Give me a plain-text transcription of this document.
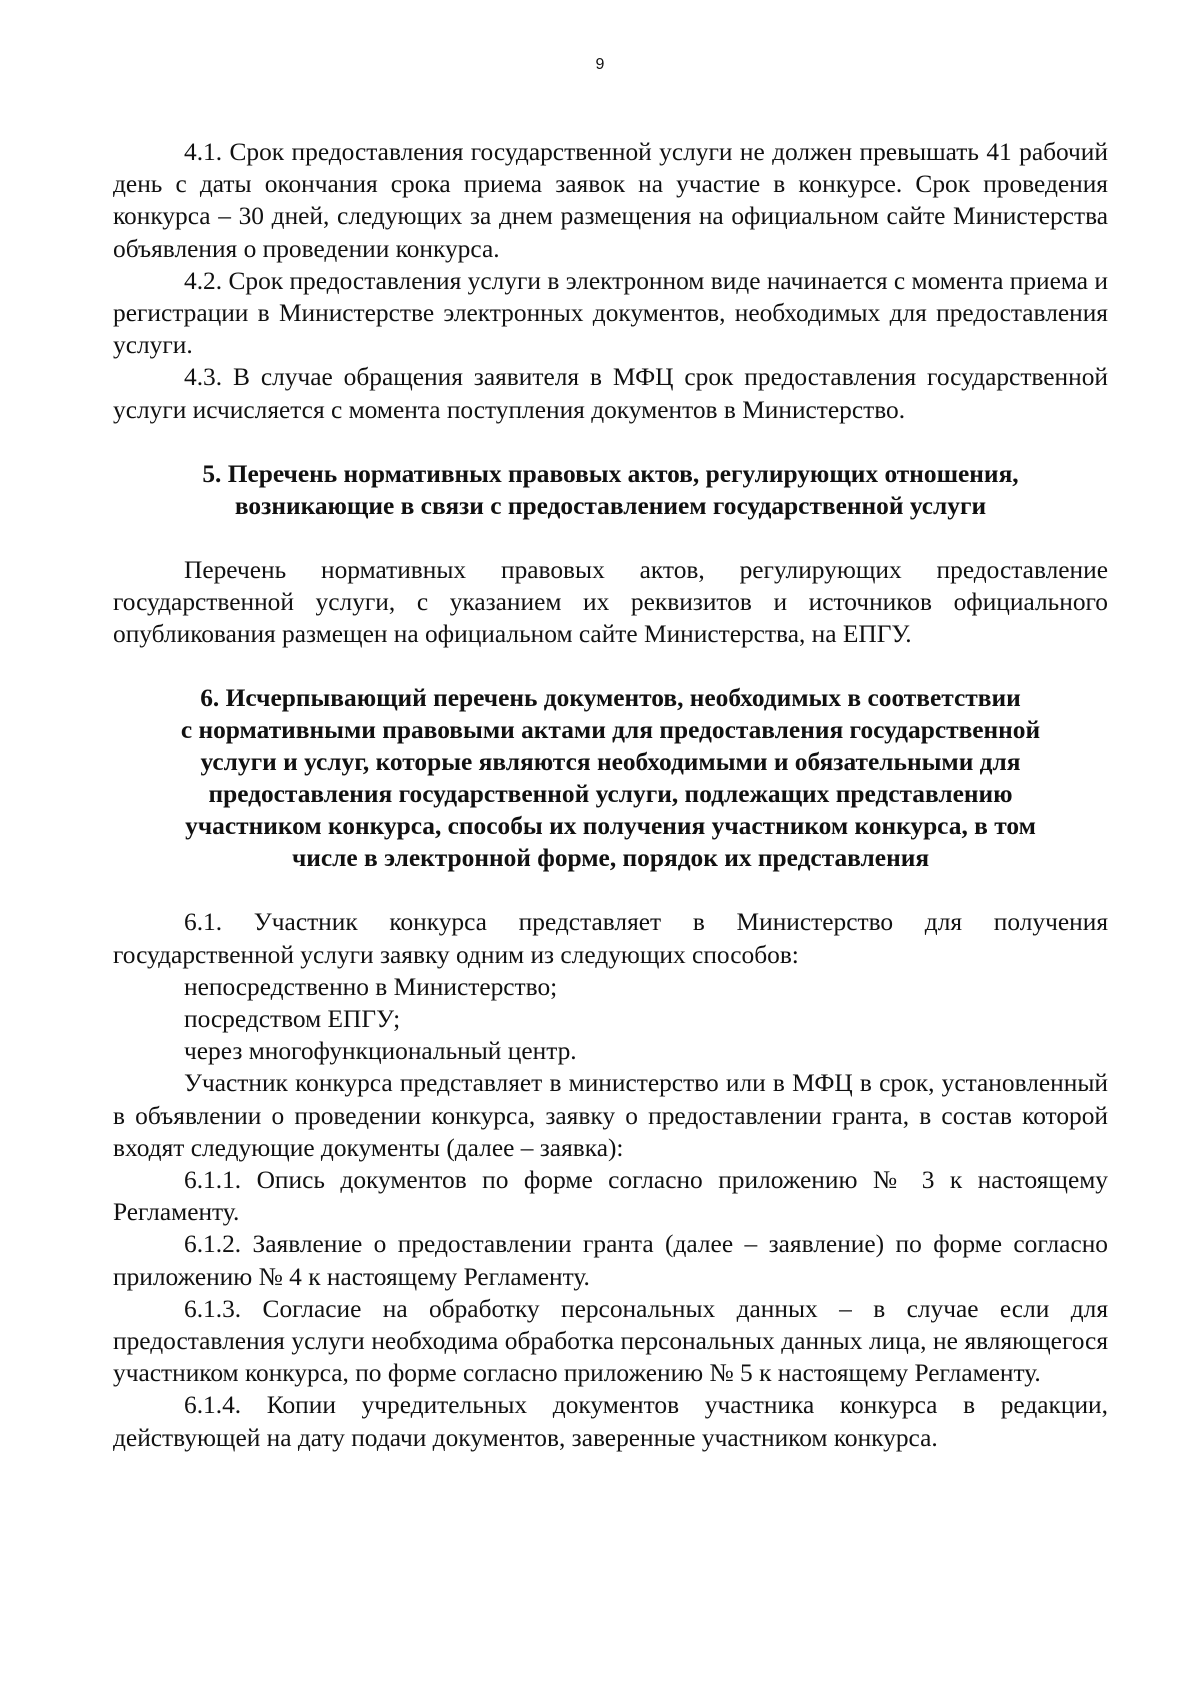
9

4.1. Срок предоставления государственной услуги не должен превышать 41 рабочий день с даты окончания срока приема заявок на участие в конкурсе. Срок проведения конкурса – 30 дней, следующих за днем размещения на официальном сайте Министерства объявления о проведении конкурса.

4.2. Срок предоставления услуги в электронном виде начинается с момента приема и регистрации в Министерстве электронных документов, необходимых для предоставления услуги.

4.3. В случае обращения заявителя в МФЦ срок предоставления государственной услуги исчисляется с момента поступления документов в Министерство.

5. Перечень нормативных правовых актов, регулирующих отношения,

возникающие в связи с предоставлением государственной услуги

Перечень нормативных правовых актов, регулирующих предоставление государственной услуги, с указанием их реквизитов и источников официального опубликования размещен на официальном сайте Министерства, на ЕПГУ.

6. Исчерпывающий перечень документов, необходимых в соответствии

с нормативными правовыми актами для предоставления государственной

услуги и услуг, которые являются необходимыми и обязательными для

предоставления государственной услуги, подлежащих представлению

участником конкурса, способы их получения участником конкурса, в том

числе в электронной форме, порядок их представления

6.1. Участник конкурса представляет в Министерство для получения государственной услуги заявку одним из следующих способов:

непосредственно в Министерство;

посредством ЕПГУ;

через многофункциональный центр.

Участник конкурса представляет в министерство или в МФЦ в срок, установленный в объявлении о проведении конкурса, заявку о предоставлении гранта, в состав которой входят следующие документы (далее – заявка):

6.1.1. Опись документов по форме согласно приложению № 3 к настоящему Регламенту.

6.1.2. Заявление о предоставлении гранта (далее – заявление) по форме согласно приложению № 4 к настоящему Регламенту.

6.1.3. Согласие на обработку персональных данных – в случае если для предоставления услуги необходима обработка персональных данных лица, не являющегося участником конкурса, по форме согласно приложению № 5 к настоящему Регламенту.

6.1.4. Копии учредительных документов участника конкурса в редакции, действующей на дату подачи документов, заверенные участником конкурса.
